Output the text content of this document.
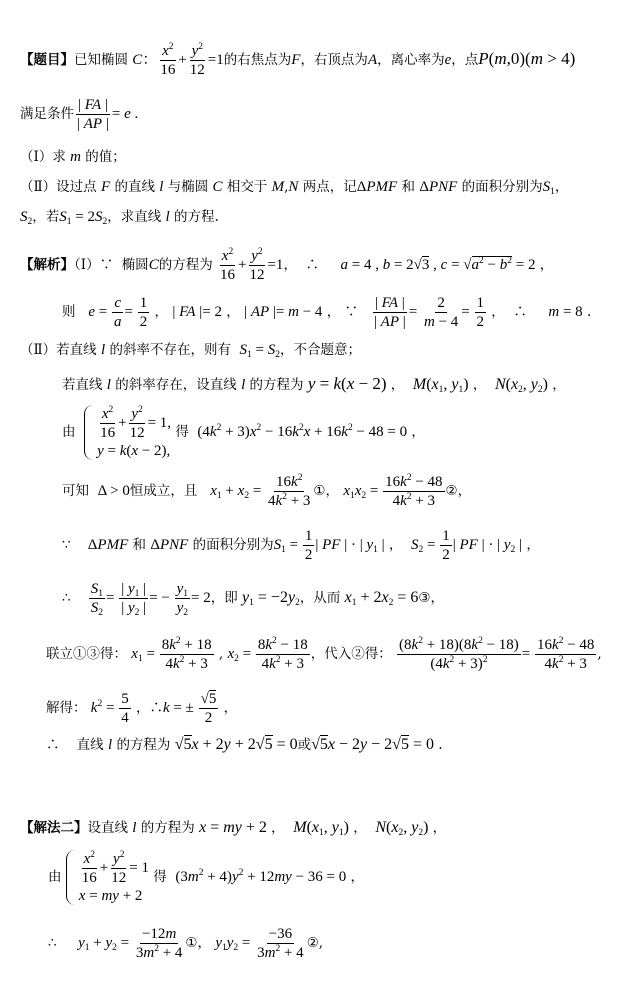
【题目】已知椭圆 C： $\frac{x^2}{16} + \frac{y^2}{12} =1$的右焦点为F，右顶点为A，离心率为e，点P(m,0)(m > 4)
满足条件 $\frac{| FA |}{| AP |} = e$ .
（Ⅰ）求 m 的值；
（Ⅱ）设过点 F 的直线 l 与椭圆 C 相交于 M,N 两点，记ΔPMF 和 ΔPNF 的面积分别为$S_1$，
$S_2$，若$S_1 = 2S_2$，求直线 l 的方程.
【解析】（Ⅰ）∵ 椭圆C的方程为 $\frac{x^2}{16} + \frac{y^2}{12} =1$，  ∴ a = 4 , b = 2√3 , $c = √a^2 - b^2 = 2$ ，
则 $e = \frac{c}{a} = \frac{1}{2}$ ， | FA |= 2 ， | AP |= m − 4 ， ∵ $\frac{| FA |}{| AP |} = \frac{2}{m - 4} = \frac{1}{2}$ ，  ∴ m = 8 .
（Ⅱ）若直线 l 的斜率不存在，则有 $S_1 = S_2$，不合题意；
若直线 l 的斜率存在，设直线 l 的方程为 y = k(x − 2) ，  $M(x_1$, $y_1$) ，  $N(x_2$, $y_2$) ，
由 $\frac{x^2}{16} + \frac{y^2}{12} = 1$,
y = k(x − 2),
得 $(4k^2 + 3)x^2 - 16k^2x + 16k^2 - 48 = 0$ ，
可知 Δ > 0恒成立，且 $x_1 + x_2 = \frac{16k^2}{4k^2 + 3}$ ①， $x_1x_2 = \frac{16k^2 - 48}{4k^2 + 3}$ ②，
∵ ΔPMF 和 ΔPNF 的面积分别为$S_1 = \frac{1}{2}$ | PF | · | $y_1$ | ，  $S_2 = \frac{1}{2}$ | PF | · | $y_2$ | ，
∴ $\frac{S_1}{S_2} = \frac{| y_1 |}{| y_2 |}$ = − $\frac{y_1}{y_2} = 2$，即 $y_1 = -2y_2$，从而 $x_1 + 2x_2$ = 6③，
联立①③得： $x_1 = \frac{8k^2 + 18}{4k^2 + 3}$ , $x_2 = \frac{8k^2 - 18}{4k^2 + 3}$ ，代入②得： $\frac{(8k^2 + 18)(8k^2 - 18)}{(4k^2 + 3)^2} = \frac{16k^2 - 48}{4k^2 + 3}$ ,
解得： $k^2 = \frac{5}{4}$ ，∴k = ± $\frac{√5}{2}$ ，
∴ 直线 l 的方程为 √5x + 2y + 2√5 = 0或√5x − 2y − 2√5 = 0 .
【解法二】设直线 l 的方程为 x = my + 2 ，  $M(x_1$, $y_1$) ，  $N(x_2$, $y_2$) ，
由 $\frac{x^2}{16} + \frac{y^2}{12} = 1$
x = my + 2
得 $(3m^2 + 4)y^2 + 12my - 36 = 0$ ，
∴ $y_1 + y_2 = \frac{-12m}{3m^2 + 4}$ ①， $y_1y_2 = \frac{-36}{3m^2 + 4}$ ②,
